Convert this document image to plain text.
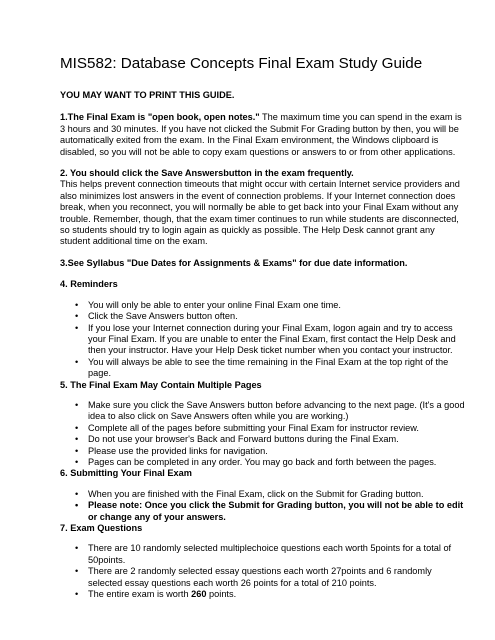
MIS582: Database Concepts Final Exam Study Guide

YOU MAY WANT TO PRINT THIS GUIDE.

1.The Final Exam is "open book, open notes." The maximum time you can spend in the exam is 3 hours and 30 minutes. If you have not clicked the Submit For Grading button by then, you will be automatically exited from the exam. In the Final Exam environment, the Windows clipboard is disabled, so you will not be able to copy exam questions or answers to or from other applications.

2. You should click the Save Answersbutton in the exam frequently.

This helps prevent connection timeouts that might occur with certain Internet service providers and also minimizes lost answers in the event of connection problems. If your Internet connection does break, when you reconnect, you will normally be able to get back into your Final Exam without any trouble. Remember, though, that the exam timer continues to run while students are disconnected, so students should try to login again as quickly as possible. The Help Desk cannot grant any student additional time on the exam.

3.See Syllabus "Due Dates for Assignments & Exams" for due date information.

4. Reminders

• You will only be able to enter your online Final Exam one time.
• Click the Save Answers button often.
• If you lose your Internet connection during your Final Exam, logon again and try to access your Final Exam. If you are unable to enter the Final Exam, first contact the Help Desk and then your instructor. Have your Help Desk ticket number when you contact your instructor.
• You will always be able to see the time remaining in the Final Exam at the top right of the page.

5. The Final Exam May Contain Multiple Pages

• Make sure you click the Save Answers button before advancing to the next page. (It's a good idea to also click on Save Answers often while you are working.)
• Complete all of the pages before submitting your Final Exam for instructor review.
• Do not use your browser's Back and Forward buttons during the Final Exam.
• Please use the provided links for navigation.
• Pages can be completed in any order. You may go back and forth between the pages.

6. Submitting Your Final Exam

• When you are finished with the Final Exam, click on the Submit for Grading button.
• Please note: Once you click the Submit for Grading button, you will not be able to edit or change any of your answers.

7. Exam Questions

• There are 10 randomly selected multiplechoice questions each worth 5points for a total of 50points.
• There are 2 randomly selected essay questions each worth 27points and 6 randomly selected essay questions each worth 26 points for a total of 210 points.
• The entire exam is worth 260 points.
